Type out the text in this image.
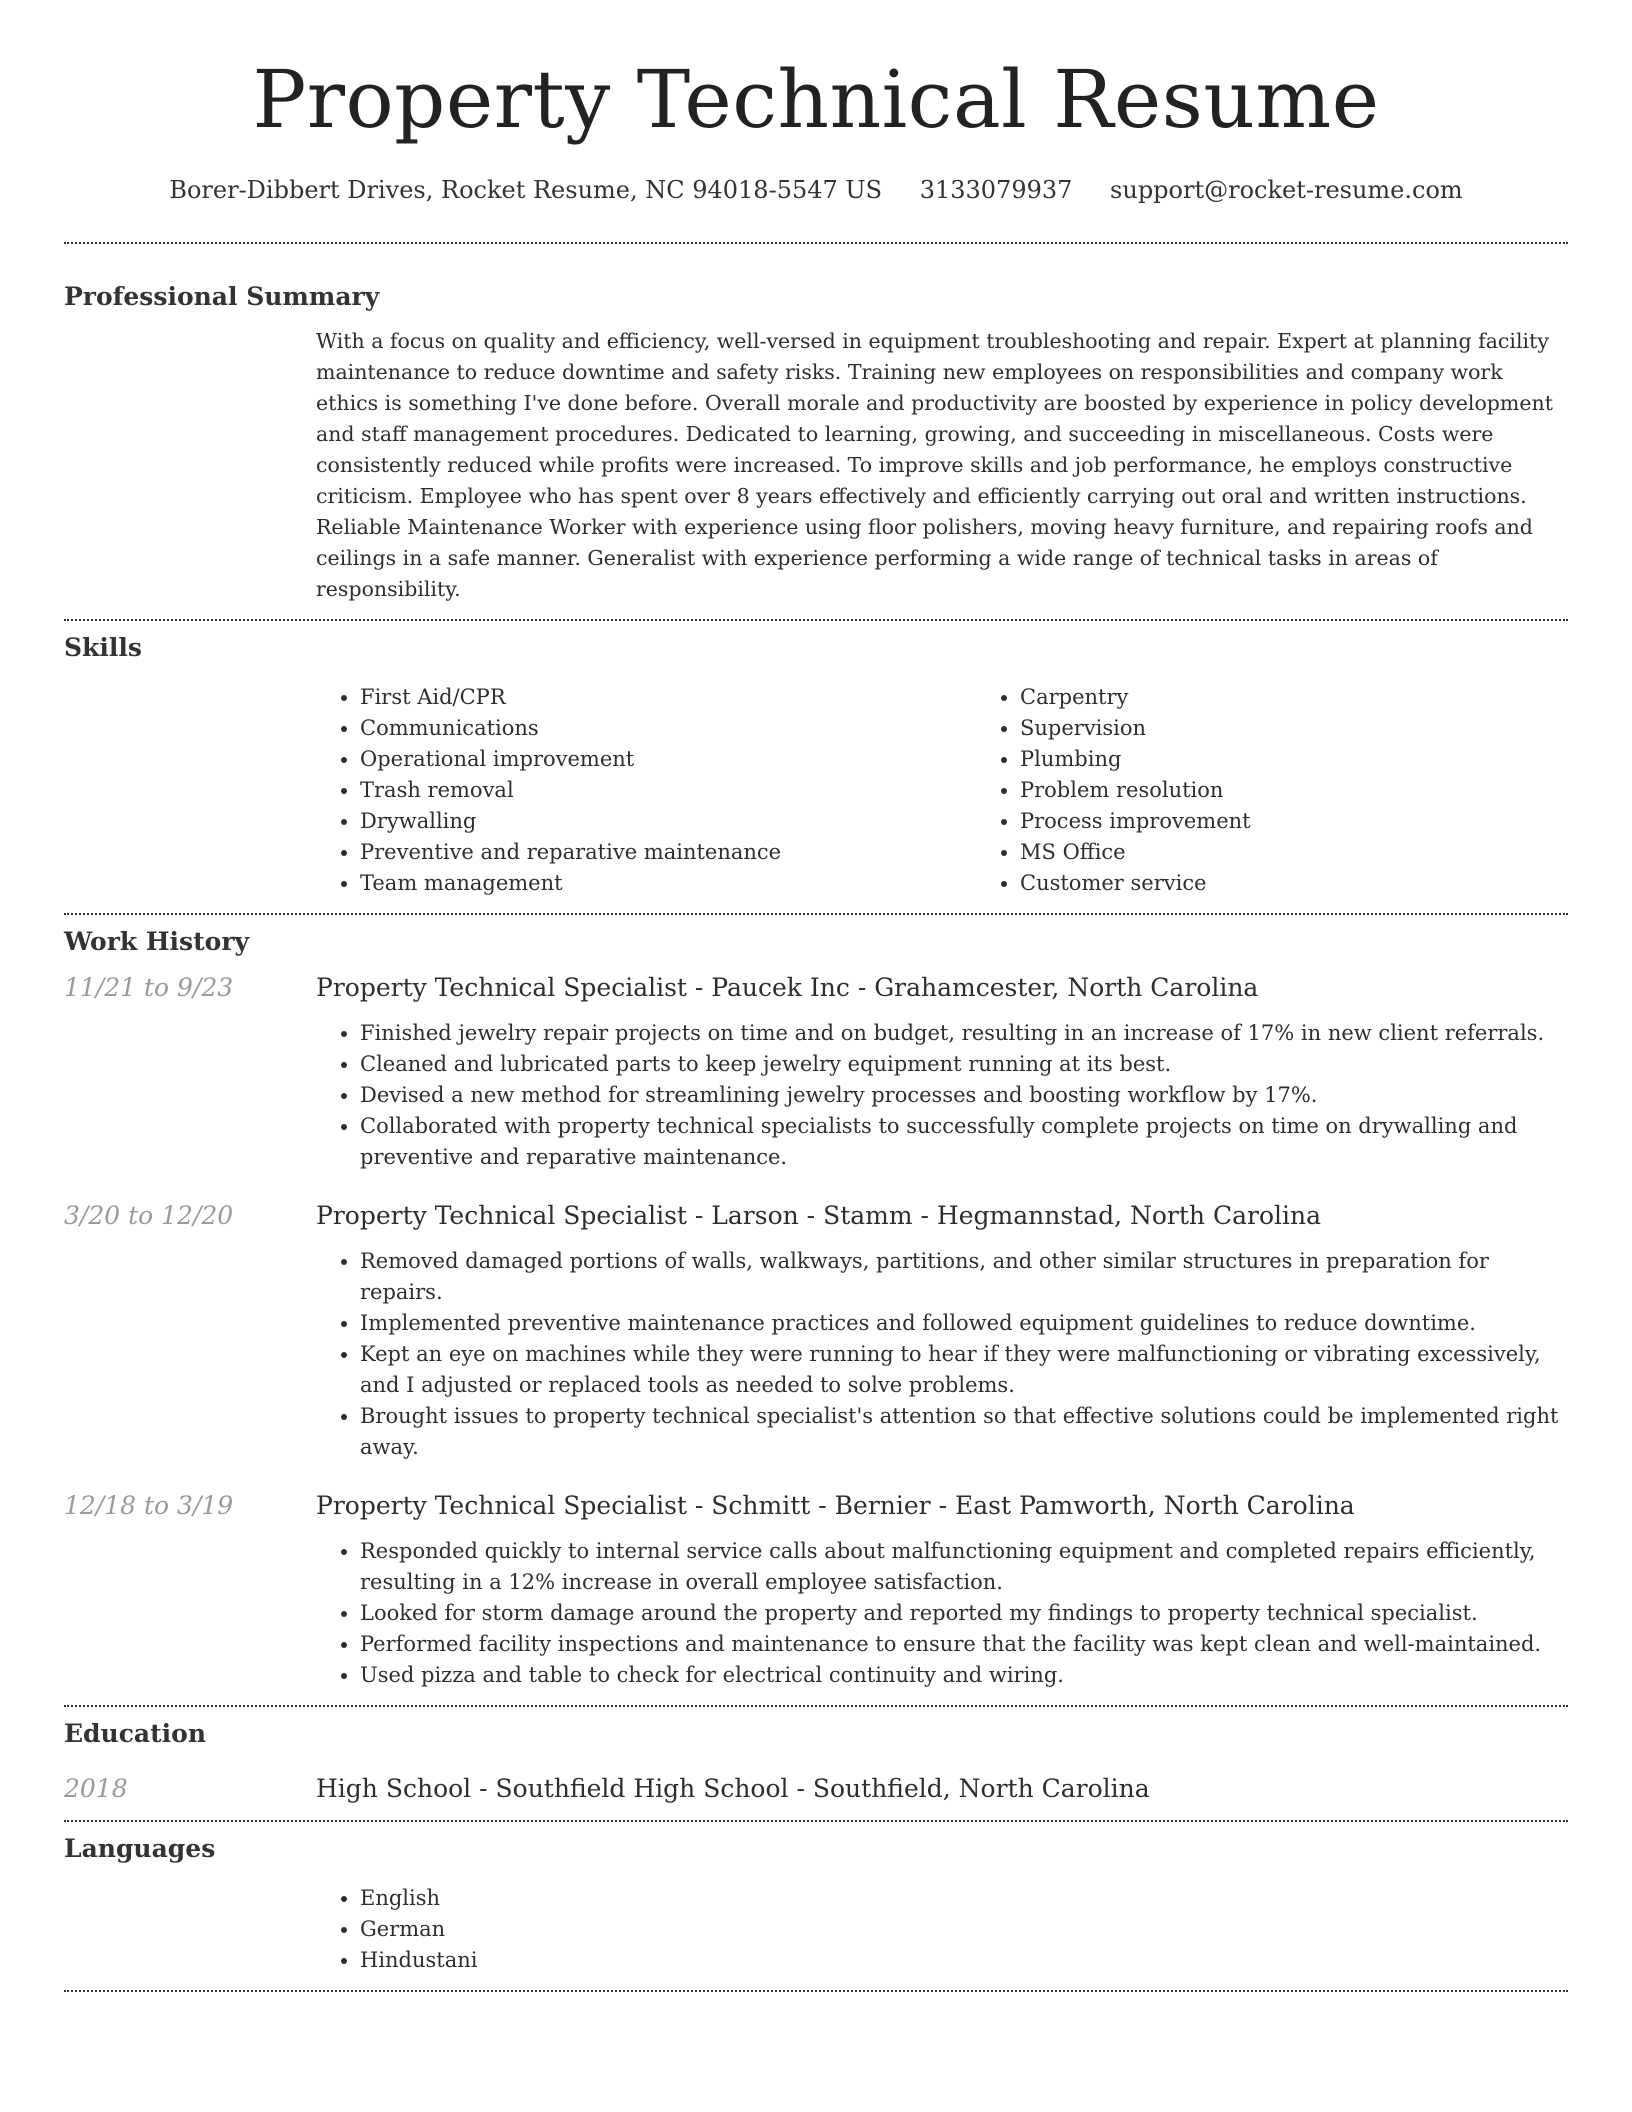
Property Technical Resume
Borer-Dibbert Drives, Rocket Resume, NC 94018-5547 US 3133079937 support@rocket-resume.com
Professional Summary

With a focus on quality and efficiency, well-versed in equipment troubleshooting and repair. Expert at planning facility maintenance to reduce downtime and safety risks. Training new employees on responsibilities and company work ethics is something I've done before. Overall morale and productivity are boosted by experience in policy development and staff management procedures. Dedicated to learning, growing, and succeeding in miscellaneous. Costs were consistently reduced while profits were increased. To improve skills and job performance, he employs constructive criticism. Employee who has spent over 8 years effectively and efficiently carrying out oral and written instructions. Reliable Maintenance Worker with experience using floor polishers, moving heavy furniture, and repairing roofs and ceilings in a safe manner. Generalist with experience performing a wide range of technical tasks in areas of responsibility.

Skills
• First Aid/CPR
• Communications
• Operational improvement
• Trash removal
• Drywalling
• Preventive and reparative maintenance
• Team management
• Carpentry
• Supervision
• Plumbing
• Problem resolution
• Process improvement
• MS Office
• Customer service
Work History
11/21 to 9/23	Property Technical Specialist - Paucek Inc - Grahamcester, North Carolina
• Finished jewelry repair projects on time and on budget, resulting in an increase of 17% in new client referrals.
• Cleaned and lubricated parts to keep jewelry equipment running at its best.
• Devised a new method for streamlining jewelry processes and boosting workflow by 17%.
• Collaborated with property technical specialists to successfully complete projects on time on drywalling and preventive and reparative maintenance.
3/20 to 12/20	Property Technical Specialist - Larson - Stamm - Hegmannstad, North Carolina
• Removed damaged portions of walls, walkways, partitions, and other similar structures in preparation for repairs.
• Implemented preventive maintenance practices and followed equipment guidelines to reduce downtime.
• Kept an eye on machines while they were running to hear if they were malfunctioning or vibrating excessively, and I adjusted or replaced tools as needed to solve problems.
• Brought issues to property technical specialist's attention so that effective solutions could be implemented right away.
12/18 to 3/19	Property Technical Specialist - Schmitt - Bernier - East Pamworth, North Carolina
• Responded quickly to internal service calls about malfunctioning equipment and completed repairs efficiently, resulting in a 12% increase in overall employee satisfaction.
• Looked for storm damage around the property and reported my findings to property technical specialist.
• Performed facility inspections and maintenance to ensure that the facility was kept clean and well-maintained.
• Used pizza and table to check for electrical continuity and wiring.
Education
2018	High School - Southfield High School - Southfield, North Carolina
Languages
• English
• German
• Hindustani
